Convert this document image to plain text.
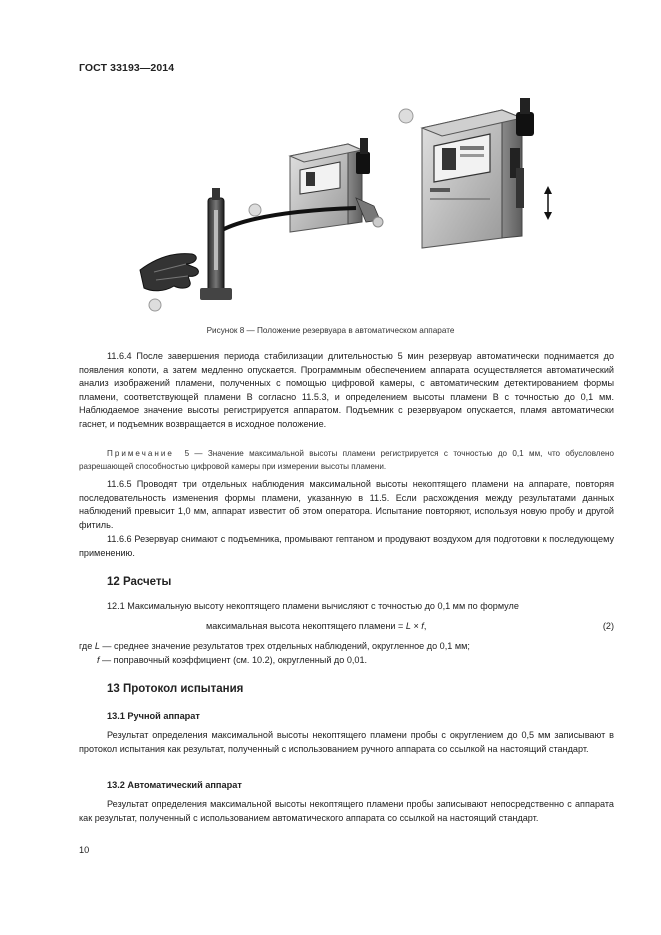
ГОСТ 33193—2014
Рисунок 8 — Положение резервуара в автоматическом аппарате

11.6.4 После завершения периода стабилизации длительностью 5 мин резервуар автоматически поднимается до появления копоти, а затем медленно опускается. Программным обеспечением аппарата осуществляется автоматический анализ изображений пламени, полученных с помощью цифровой камеры, с автоматическим детектированием формы пламени, соответствующей пламени B согласно 11.5.3, и определением высоты пламени B с точностью до 0,1 мм. Наблюдаемое значение высоты регистрируется аппаратом. Подъемник с резервуаром опускается, пламя автоматически гаснет, и подъемник возвращается в исходное положение.

Примечание 5 — Значение максимальной высоты пламени регистрируется с точностью до 0,1 мм, что обусловлено разрешающей способностью цифровой камеры при измерении высоты пламени.

11.6.5 Проводят три отдельных наблюдения максимальной высоты некоптящего пламени на аппарате, повторяя последовательность изменения формы пламени, указанную в 11.5. Если расхождения между результатами данных наблюдений превысит 1,0 мм, аппарат известит об этом оператора. Испытание повторяют, используя новую пробу и другой фитиль.

11.6.6 Резервуар снимают с подъемника, промывают гептаном и продувают воздухом для подготовки к последующему применению.

12 Расчеты

12.1 Максимальную высоту некоптящего пламени вычисляют с точностью до 0,1 мм по формуле

максимальная высота некоптящего пламени = L × f,	(2)

где L — среднее значение результатов трех отдельных наблюдений, округленное до 0,1 мм;

f — поправочный коэффициент (см. 10.2), округленный до 0,01.

13 Протокол испытания
13.1 Ручной аппарат

Результат определения максимальной высоты некоптящего пламени пробы с округлением до 0,5 мм записывают в протокол испытания как результат, полученный с использованием ручного аппарата со ссылкой на настоящий стандарт.

13.2 Автоматический аппарат

Результат определения максимальной высоты некоптящего пламени пробы записывают непосредственно с аппарата как результат, полученный с использованием автоматического аппарата со ссылкой на настоящий стандарт.

10
